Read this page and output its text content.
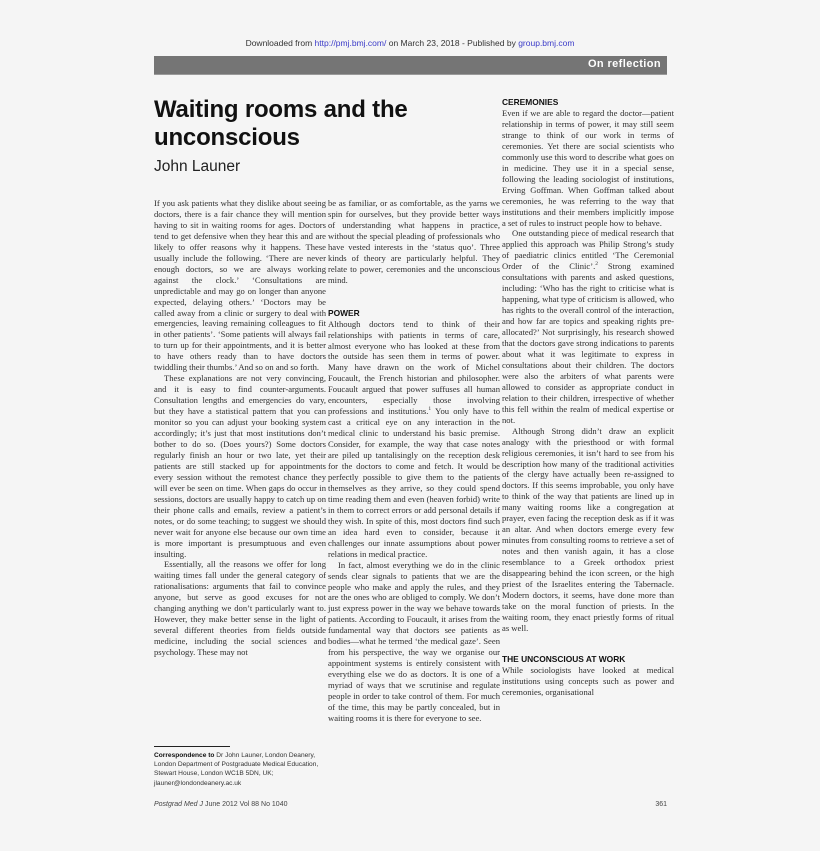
Downloaded from http://pmj.bmj.com/ on March 23, 2018 - Published by group.bmj.com
On reflection
Waiting rooms and the unconscious
John Launer

If you ask patients what they dislike about seeing doctors, there is a fair chance they will mention having to sit in waiting rooms for ages. Doctors tend to get defensive when they hear this and are likely to offer reasons why it happens. These usually include the following. ‘There are never enough doctors, so we are always working against the clock.’ ‘Consultations are unpredictable and may go on longer than anyone expected, delaying others.’ ‘Doctors may be called away from a clinic or surgery to deal with emergencies, leaving remaining colleagues to fit in other patients’. ‘Some patients will always fail to turn up for their appointments, and it is better to have others ready than to have doctors twiddling their thumbs.’ And so on and so forth.

These explanations are not very convincing, and it is easy to find counter-arguments. Consultation lengths and emergencies do vary, but they have a statistical pattern that you can monitor so you can adjust your booking system accordingly; it’s just that most institutions don’t bother to do so. (Does yours?) Some doctors regularly finish an hour or two late, yet their patients are still stacked up for appointments every session without the remotest chance they will ever be seen on time. When gaps do occur in sessions, doctors are usually happy to catch up on their phone calls and emails, review a patient’s notes, or do some teaching; to suggest we should never wait for anyone else because our own time is more important is presumptuous and even insulting.

Essentially, all the reasons we offer for long waiting times fall under the general category of rationalisations: arguments that fail to convince anyone, but serve as good excuses for not changing anything we don’t particularly want to. However, they make better sense in the light of several different theories from fields outside medicine, including the social sciences and psychology. These may not

be as familiar, or as comfortable, as the yarns we spin for ourselves, but they provide better ways of understanding what happens in practice, without the special pleading of professionals who have vested interests in the ‘status quo’. Three kinds of theory are particularly helpful. They relate to power, ceremonies and the unconscious mind.

POWER

Although doctors tend to think of their relationships with patients in terms of care, almost everyone who has looked at these from the outside has seen them in terms of power. Many have drawn on the work of Michel Foucault, the French historian and philosopher. Foucault argued that power suffuses all human encounters, especially those involving professions and institutions.$^1$ You only have to cast a critical eye on any interaction in the medical clinic to understand his basic premise. Consider, for example, the way that case notes are piled up tantalisingly on the reception desk for the doctors to come and fetch. It would be perfectly possible to give them to the patients themselves as they arrive, so they could spend time reading them and even (heaven forbid) write in them to correct errors or add personal details if they wish. In spite of this, most doctors find such an idea hard even to consider, because it challenges our innate assumptions about power relations in medical practice.

In fact, almost everything we do in the clinic sends clear signals to patients that we are the people who make and apply the rules, and they are the ones who are obliged to comply. We don’t just express power in the way we behave towards patients. According to Foucault, it arises from the fundamental way that doctors see patients as bodies—what he termed ‘the medical gaze’. Seen from his perspective, the way we organise our appointment systems is entirely consistent with everything else we do as doctors. It is one of a myriad of ways that we scrutinise and regulate people in order to take control of them. For much of the time, this may be partly concealed, but in waiting rooms it is there for everyone to see.

CEREMONIES

Even if we are able to regard the doctor—patient relationship in terms of power, it may still seem strange to think of our work in terms of ceremonies. Yet there are social scientists who commonly use this word to describe what goes on in medicine. They use it in a special sense, following the leading sociologist of institutions, Erving Goffman. When Goffman talked about ceremonies, he was referring to the way that institutions and their members implicitly impose a set of rules to instruct people how to behave.

One outstanding piece of medical research that applied this approach was Philip Strong’s study of paediatric clinics entitled ‘The Ceremonial Order of the Clinic’.$^2$ Strong examined consultations with parents and asked questions, including: ‘Who has the right to criticise what is happening, what type of criticism is allowed, who has rights to the overall control of the interaction, and how far are topics and speaking rights pre-allocated?’ Not surprisingly, his research showed that the doctors gave strong indications to parents about what it was legitimate to express in consultations about their children. The doctors were also the arbiters of what parents were allowed to consider as appropriate conduct in relation to their children, irrespective of whether this fell within the realm of medical expertise or not.

Although Strong didn’t draw an explicit analogy with the priesthood or with formal religious ceremonies, it isn’t hard to see from his description how many of the traditional activities of the clergy have actually been re-assigned to doctors. If this seems improbable, you only have to think of the way that patients are lined up in many waiting rooms like a congregation at prayer, even facing the reception desk as if it was an altar. And when doctors emerge every few minutes from consulting rooms to retrieve a set of notes and then vanish again, it has a close resemblance to a Greek orthodox priest disappearing behind the icon screen, or the high priest of the Israelites entering the Tabernacle. Modern doctors, it seems, have done more than take on the moral function of priests. In the waiting room, they enact priestly forms of ritual as well.

THE UNCONSCIOUS AT WORK

While sociologists have looked at medical institutions using concepts such as power and ceremonies, organisational

Correspondence to Dr John Launer, London Deanery, London Department of Postgraduate Medical Education, Stewart House, London WC1B 5DN, UK; jlauner@londondeanery.ac.uk
Postgrad Med J June 2012 Vol 88 No 1040	361
